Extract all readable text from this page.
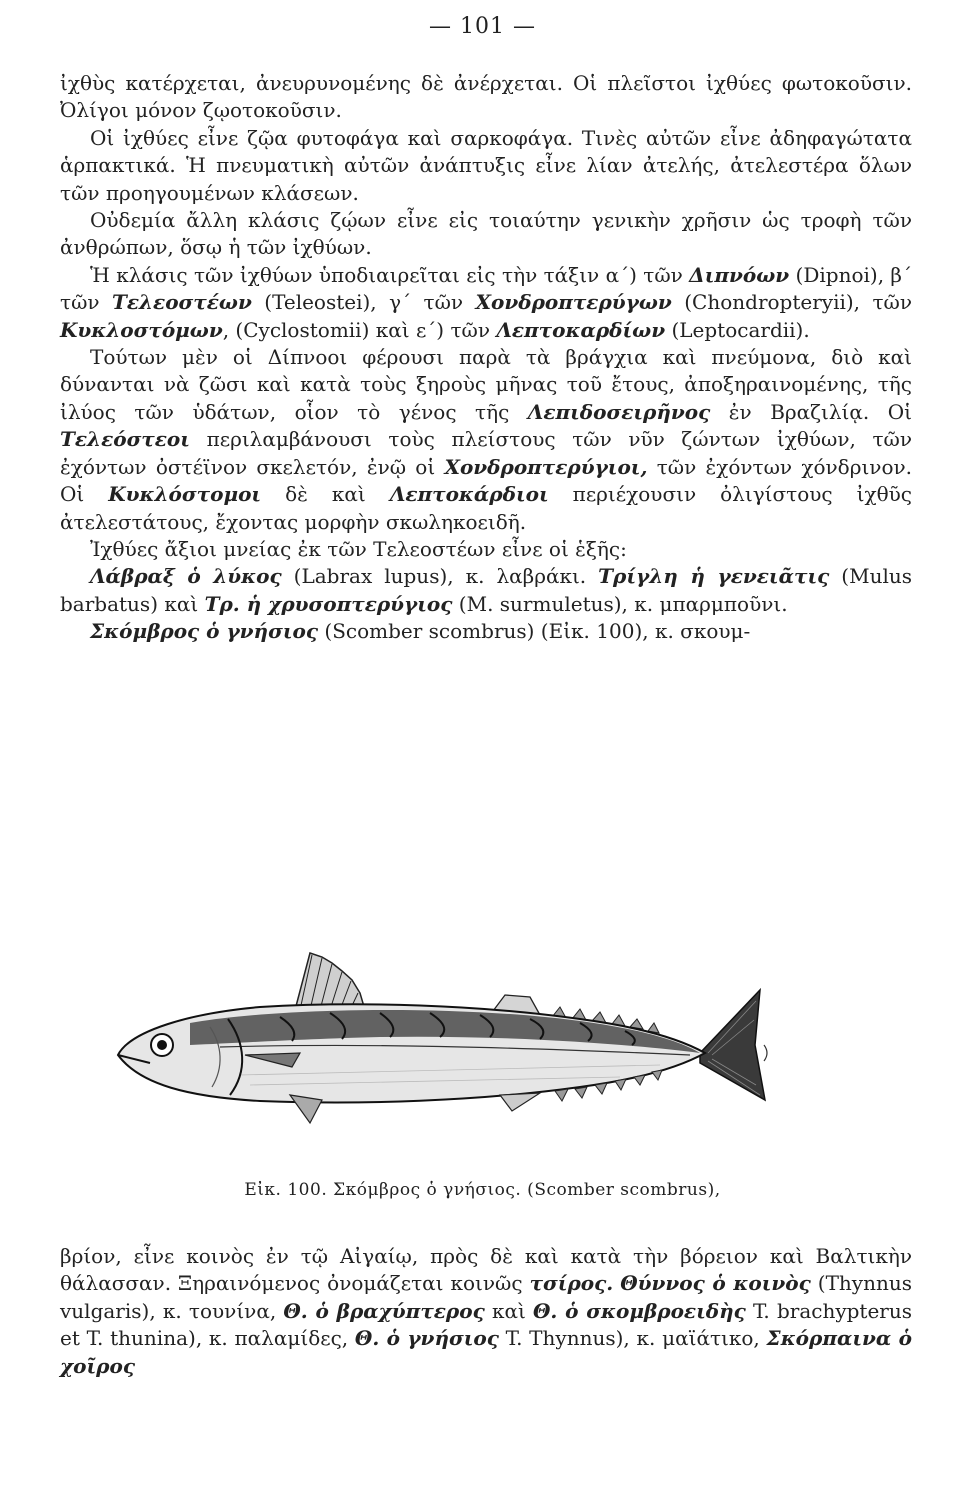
— 101 —

ἰχθὺς κατέρχεται, ἀνευρυνομένης δὲ ἀνέρχεται. Οἱ πλεῖστοι ἰχθύες φωτοκοῦσιν. Ὀλίγοι μόνον ζῳοτοκοῦσιν.

Οἱ ἰχθύες εἶνε ζῷα φυτοφάγα καὶ σαρκοφάγα. Τινὲς αὐτῶν εἶνε ἀδηφαγώτατα ἁρπακτικά. Ἡ πνευματικὴ αὐτῶν ἀνάπτυξις εἶνε λίαν ἀτελής, ἀτελεστέρα ὅλων τῶν προηγουμένων κλάσεων.

Οὐδεμία ἄλλη κλάσις ζῴων εἶνε εἰς τοιαύτην γενικὴν χρῆσιν ὡς τροφὴ τῶν ἀνθρώπων, ὅσῳ ἡ τῶν ἰχθύων.

Ἡ κλάσις τῶν ἰχθύων ὑποδιαιρεῖται εἰς τὴν τάξιν α΄) τῶν Διπνόων (Dipnoi), β΄ τῶν Τελεοστέων (Teleostei), γ΄ τῶν Χονδροπτερύγων (Chondropteryii), τῶν Κυκλοστόμων, (Cyclostomii) καὶ ε΄) τῶν Λεπτοκαρδίων (Leptocardii).

Τούτων μὲν οἱ Δίπνοοι φέρουσι παρὰ τὰ βράγχια καὶ πνεύμονα, διὸ καὶ δύνανται νὰ ζῶσι καὶ κατὰ τοὺς ξηροὺς μῆνας τοῦ ἔτους, ἀποξηραινομένης, τῆς ἰλύος τῶν ὑδάτων, οἷον τὸ γένος τῆς Λεπιδοσειρῆνος ἐν Βραζιλίᾳ. Οἱ Τελεόστεοι περιλαμβάνουσι τοὺς πλείστους τῶν νῦν ζώντων ἰχθύων, τῶν ἐχόντων ὀστέϊνον σκελετόν, ἐνῷ οἱ Χονδροπτερύγιοι, τῶν ἐχόντων χόνδρινον. Οἱ Κυκλόστομοι δὲ καὶ Λεπτοκάρδιοι περιέχουσιν ὀλιγίστους ἰχθῦς ἀτελεστάτους, ἔχοντας μορφὴν σκωληκοειδῆ.

Ἰχθύες ἄξιοι μνείας ἐκ τῶν Τελεοστέων εἶνε οἱ ἑξῆς:

Λάβραξ ὁ λύκος (Labrax lupus), κ. λαβράκι. Τρίγλη ἡ γενειᾶτις (Mulus barbatus) καὶ Τρ. ἡ χρυσοπτερύγιος (M. surmuletus), κ. μπαρμποῦνι.

Σκόμβρος ὁ γνήσιος (Scomber scombrus) (Εἰκ. 100), κ. σκουμ-

Εἰκ. 100. Σκόμβρος ὁ γνήσιος. (Scomber scombrus),

βρίον, εἶνε κοινὸς ἐν τῷ Αἰγαίῳ, πρὸς δὲ καὶ κατὰ τὴν βόρειον καὶ Βαλτικὴν θάλασσαν. Ξηραινόμενος ὀνομάζεται κοινῶς τσίρος. Θύννος ὁ κοινὸς (Thynnus vulgaris), κ. τουνίνα, Θ. ὁ βραχύπτερος καὶ Θ. ὁ σκομβροειδὴς T. brachypterus et T. thunina), κ. παλαμίδες, Θ. ὁ γνήσιος T. Thynnus), κ. μαϊάτικο, Σκόρπαινα ὁ χοῖρος
